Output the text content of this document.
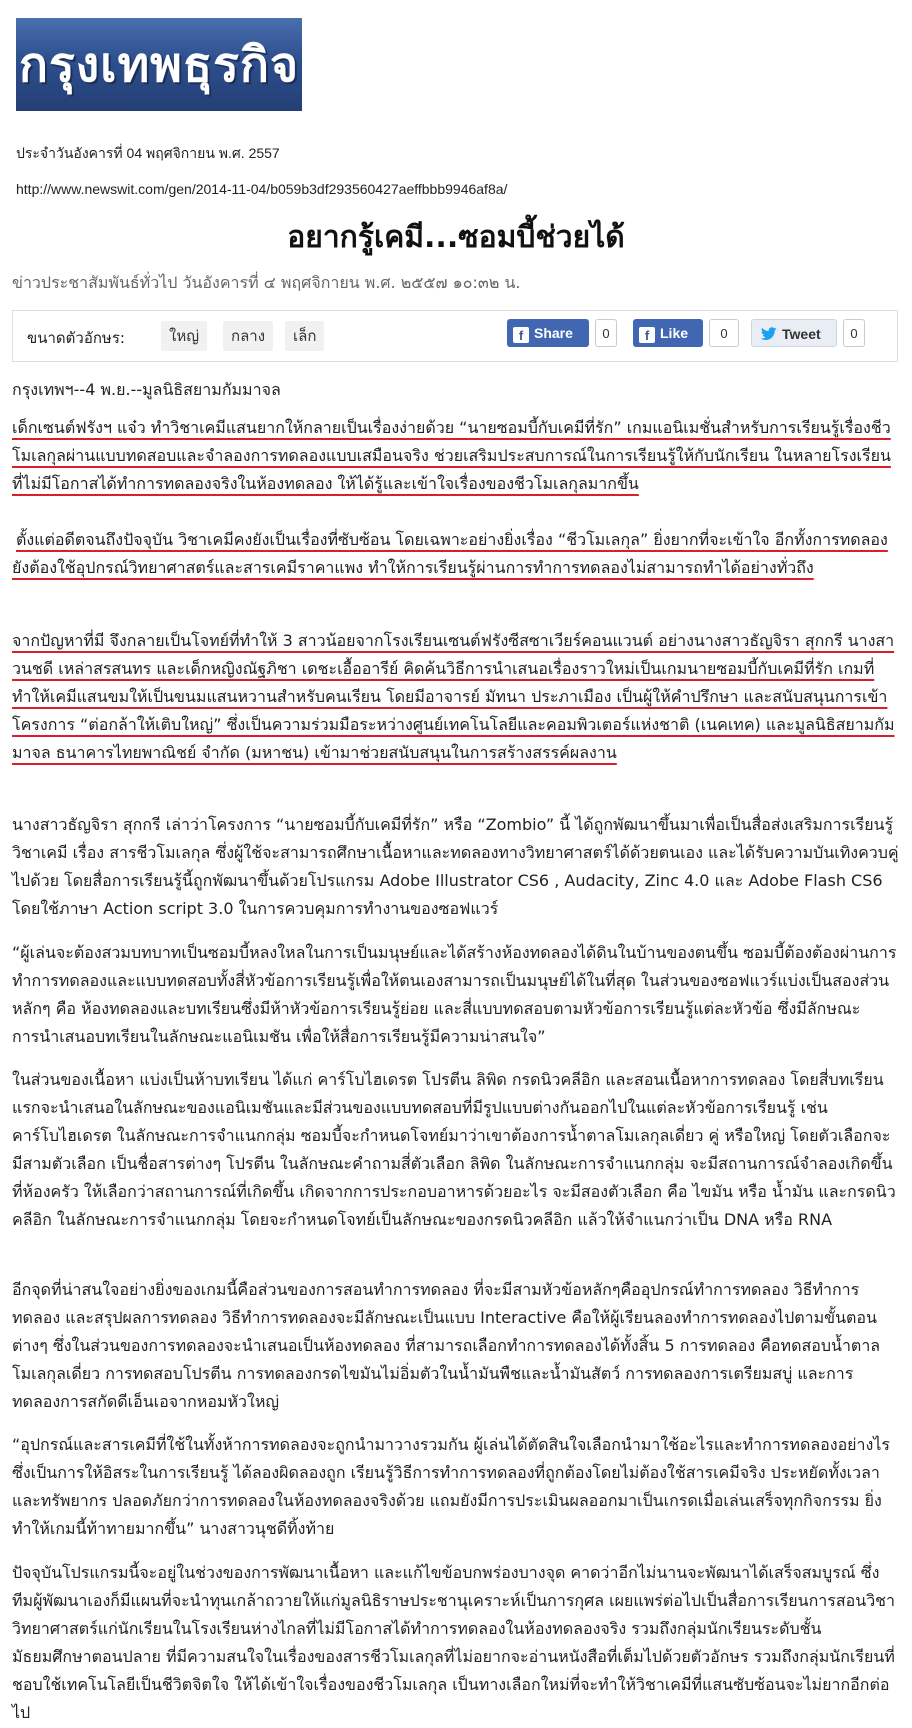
กรุงเทพธุรกิจ
ประจำวันอังคารที่ 04 พฤศจิกายน พ.ศ. 2557
http://www.newswit.com/gen/2014-11-04/b059b3df293560427aeffbbb9946af8a/
อยากรู้เคมี...ซอมบี้ช่วยได้
ข่าวประชาสัมพันธ์ทั่วไป วันอังคารที่ ๔ พฤศจิกายน พ.ศ. ๒๕๕๗ ๑๐:๓๒ น.
ขนาดตัวอักษร:	ใหญ่	กลาง	เล็ก	f Share	0	f Like	0	Tweet	0
กรุงเทพฯ--4 พ.ย.--มูลนิธิสยามกัมมาจล

เด็กเซนต์ฟรังฯ แจ๋ว ทำวิชาเคมีแสนยากให้กลายเป็นเรื่องง่ายด้วย “นายซอมบี้กับเคมีที่รัก” เกมแอนิเมชั่นสำหรับการเรียนรู้เรื่องชีวโมเลกุลผ่านแบบทดสอบและจำลองการทดลองแบบเสมือนจริง ช่วยเสริมประสบการณ์ในการเรียนรู้ให้กับนักเรียน ในหลายโรงเรียนที่ไม่มีโอกาสได้ทำการทดลองจริงในห้องทดลอง ให้ได้รู้และเข้าใจเรื่องของชีวโมเลกุลมากขึ้น

ตั้งแต่อดีตจนถึงปัจจุบัน วิชาเคมีคงยังเป็นเรื่องที่ซับซ้อน โดยเฉพาะอย่างยิ่งเรื่อง “ชีวโมเลกุล” ยิ่งยากที่จะเข้าใจ อีกทั้งการทดลองยังต้องใช้อุปกรณ์วิทยาศาสตร์และสารเคมีราคาแพง ทำให้การเรียนรู้ผ่านการทำการทดลองไม่สามารถทำได้อย่างทั่วถึง

จากปัญหาที่มี จึงกลายเป็นโจทย์ที่ทำให้ 3 สาวน้อยจากโรงเรียนเซนต์ฟรังซีสซาเวียร์คอนแวนต์ อย่างนางสาวธัญจิรา สุกกรี นางสาวนชดี เหล่าสรสนทร และเด็กหญิงณัฐภิชา เดชะเอื้ออารีย์ คิดค้นวิธีการนำเสนอเรื่องราวใหม่เป็นเกมนายซอมบี้กับเคมีที่รัก เกมที่ทำให้เคมีแสนขมให้เป็นขนมแสนหวานสำหรับคนเรียน โดยมีอาจารย์ มัทนา ประภาเมือง เป็นผู้ให้คำปรึกษา และสนับสนุนการเข้าโครงการ “ต่อกล้าให้เติบใหญ่” ซึ่งเป็นความร่วมมือระหว่างศูนย์เทคโนโลยีและคอมพิวเตอร์แห่งชาติ (เนคเทค) และมูลนิธิสยามกัมมาจล ธนาคารไทยพาณิชย์ จำกัด (มหาชน) เข้ามาช่วยสนับสนุนในการสร้างสรรค์ผลงาน

นางสาวธัญจิรา สุกกรี เล่าว่าโครงการ “นายซอมบี้กับเคมีที่รัก” หรือ “Zombio” นี้ ได้ถูกพัฒนาขึ้นมาเพื่อเป็นสื่อส่งเสริมการเรียนรู้วิชาเคมี เรื่อง สารชีวโมเลกุล ซึ่งผู้ใช้จะสามารถศึกษาเนื้อหาและทดลองทางวิทยาศาสตร์ได้ด้วยตนเอง และได้รับความบันเทิงควบคู่ไปด้วย โดยสื่อการเรียนรู้นี้ถูกพัฒนาขึ้นด้วยโปรแกรม Adobe Illustrator CS6 , Audacity, Zinc 4.0 และ Adobe Flash CS6 โดยใช้ภาษา Action script 3.0 ในการควบคุมการทำงานของซอฟแวร์

“ผู้เล่นจะต้องสวมบทบาทเป็นซอมบี้หลงใหลในการเป็นมนุษย์และได้สร้างห้องทดลองได้ดินในบ้านของตนขึ้น ซอมบี้ต้องต้องผ่านการทำการทดลองและแบบทดสอบทั้งสี่หัวข้อการเรียนรู้เพื่อให้ตนเองสามารถเป็นมนุษย์ได้ในที่สุด ในส่วนของซอฟแวร์แบ่งเป็นสองส่วนหลักๆ คือ ห้องทดลองและบทเรียนซึ่งมีห้าหัวข้อการเรียนรู้ย่อย และสี่แบบทดสอบตามหัวข้อการเรียนรู้แต่ละหัวข้อ ซึ่งมีลักษณะการนำเสนอบทเรียนในลักษณะแอนิเมชัน เพื่อให้สื่อการเรียนรู้มีความน่าสนใจ”

ในส่วนของเนื้อหา แบ่งเป็นห้าบทเรียน ได้แก่ คาร์โบไฮเดรต โปรตีน ลิพิด กรดนิวคลีอิก และสอนเนื้อหาการทดลอง โดยสี่บทเรียนแรกจะนำเสนอในลักษณะของแอนิเมชันและมีส่วนของแบบทดสอบที่มีรูปแบบต่างกันออกไปในแต่ละหัวข้อการเรียนรู้ เช่น คาร์โบไฮเดรต ในลักษณะการจำแนกกลุ่ม ซอมบี้จะกำหนดโจทย์มาว่าเขาต้องการน้ำตาลโมเลกุลเดี่ยว คู่ หรือใหญ่ โดยตัวเลือกจะมีสามตัวเลือก เป็นชื่อสารต่างๆ โปรตีน ในลักษณะคำถามสี่ตัวเลือก ลิพิด ในลักษณะการจำแนกกลุ่ม จะมีสถานการณ์จำลองเกิดขึ้นที่ห้องครัว ให้เลือกว่าสถานการณ์ที่เกิดขึ้น เกิดจากการประกอบอาหารด้วยอะไร จะมีสองตัวเลือก คือ ไขมัน หรือ น้ำมัน และกรดนิวคลีอิก ในลักษณะการจำแนกกลุ่ม โดยจะกำหนดโจทย์เป็นลักษณะของกรดนิวคลีอิก แล้วให้จำแนกว่าเป็น DNA หรือ RNA

อีกจุดที่น่าสนใจอย่างยิ่งของเกมนี้คือส่วนของการสอนทำการทดลอง ที่จะมีสามหัวข้อหลักๆคืออุปกรณ์ทำการทดลอง วิธีทำการทดลอง และสรุปผลการทดลอง วิธีทำการทดลองจะมีลักษณะเป็นแบบ Interactive คือให้ผู้เรียนลองทำการทดลองไปตามขั้นตอนต่างๆ ซึ่งในส่วนของการทดลองจะนำเสนอเป็นห้องทดลอง ที่สามารถเลือกทำการทดลองได้ทั้งสิ้น 5 การทดลอง คือทดสอบน้ำตาลโมเลกุลเดี่ยว การทดสอบโปรตีน การทดลองกรดไขมันไม่อิ่มตัวในน้ำมันพืชและน้ำมันสัตว์ การทดลองการเตรียมสบู่ และการทดลองการสกัดดีเอ็นเอจากหอมหัวใหญ่

“อุปกรณ์และสารเคมีที่ใช้ในทั้งห้าการทดลองจะถูกนำมาวางรวมกัน ผู้เล่นได้ตัดสินใจเลือกนำมาใช้อะไรและทำการทดลองอย่างไร ซึ่งเป็นการให้อิสระในการเรียนรู้ ได้ลองผิดลองถูก เรียนรู้วิธีการทำการทดลองที่ถูกต้องโดยไม่ต้องใช้สารเคมีจริง ประหยัดทั้งเวลา และทรัพยากร ปลอดภัยกว่าการทดลองในห้องทดลองจริงด้วย แถมยังมีการประเมินผลออกมาเป็นเกรดเมื่อเล่นเสร็จทุกกิจกรรม ยิ่งทำให้เกมนี้ท้าทายมากขึ้น” นางสาวนุชดีทิ้งท้าย

ปัจจุบันโปรแกรมนี้จะอยู่ในช่วงของการพัฒนาเนื้อหา และแก้ไขข้อบกพร่องบางจุด คาดว่าอีกไม่นานจะพัฒนาได้เสร็จสมบูรณ์ ซึ่งทีมผู้พัฒนาเองก็มีแผนที่จะนำทุนเกล้าถวายให้แก่มูลนิธิราษประชานุเคราะห์เป็นการกุศล เผยแพร่ต่อไปเป็นสื่อการเรียนการสอนวิชาวิทยาศาสตร์แก่นักเรียนในโรงเรียนห่างไกลที่ไม่มีโอกาสได้ทำการทดลองในห้องทดลองจริง รวมถึงกลุ่มนักเรียนระดับชั้นมัธยมศึกษาตอนปลาย ที่มีความสนใจในเรื่องของสารชีวโมเลกุลที่ไม่อยากจะอ่านหนังสือที่เต็มไปด้วยตัวอักษร รวมถึงกลุ่มนักเรียนที่ชอบใช้เทคโนโลยีเป็นชีวิตจิตใจ ให้ได้เข้าใจเรื่องของชีวโมเลกุล เป็นทางเลือกใหม่ที่จะทำให้วิชาเคมีที่แสนซับซ้อนจะไม่ยากอีกต่อไป
